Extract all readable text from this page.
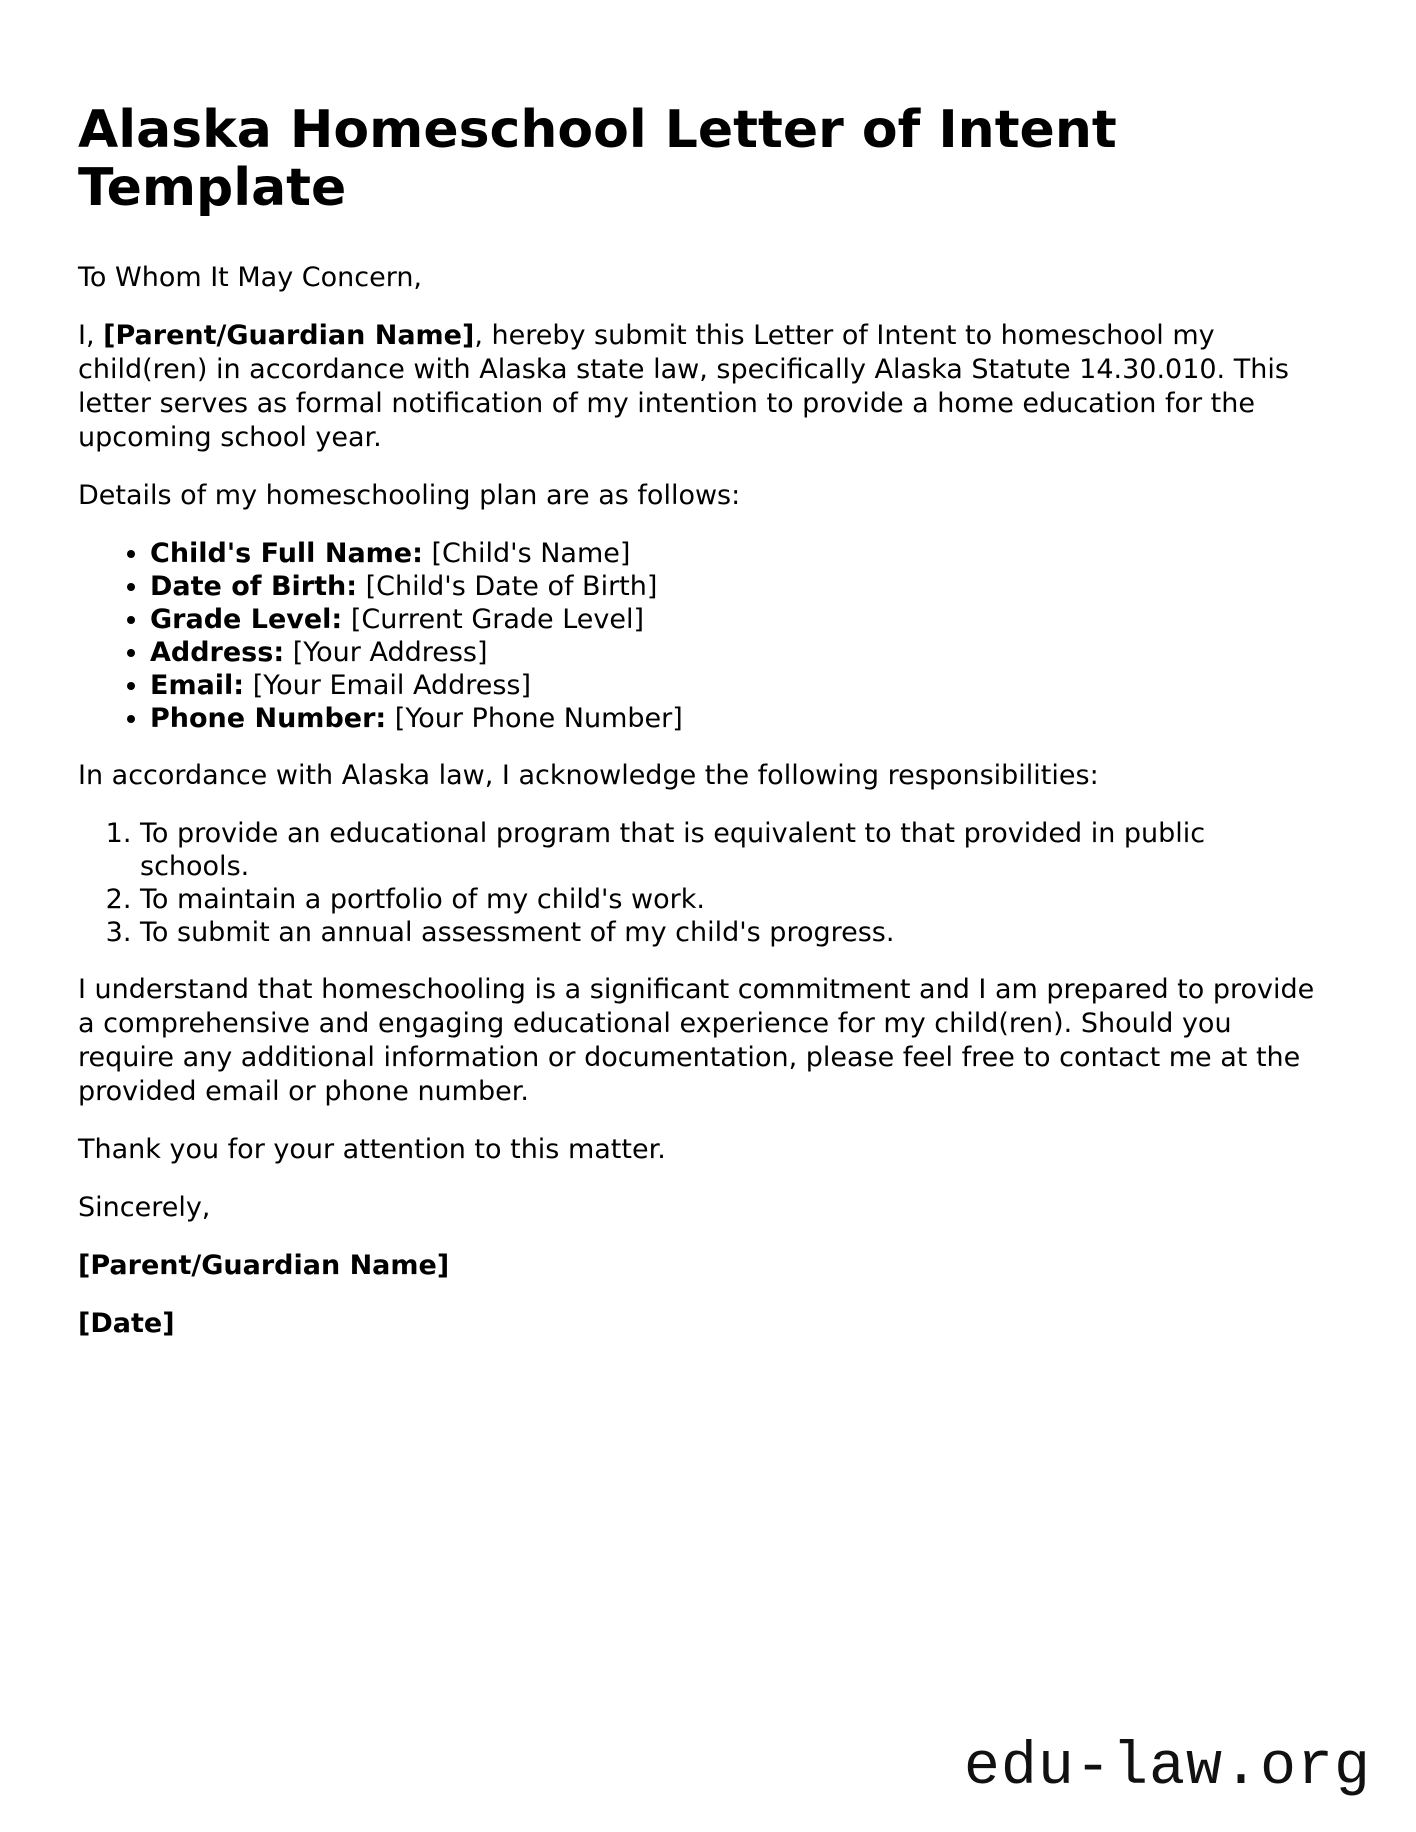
Alaska Homeschool Letter of Intent Template

To Whom It May Concern,

I, [Parent/Guardian Name], hereby submit this Letter of Intent to homeschool my child(ren) in accordance with Alaska state law, specifically Alaska Statute 14.30.010. This letter serves as formal notification of my intention to provide a home education for the upcoming school year.

Details of my homeschooling plan are as follows:

• Child's Full Name: [Child's Name]
• Date of Birth: [Child's Date of Birth]
• Grade Level: [Current Grade Level]
• Address: [Your Address]
• Email: [Your Email Address]
• Phone Number: [Your Phone Number]

In accordance with Alaska law, I acknowledge the following responsibilities:

1. To provide an educational program that is equivalent to that provided in public schools.
2. To maintain a portfolio of my child's work.
3. To submit an annual assessment of my child's progress.

I understand that homeschooling is a significant commitment and I am prepared to provide a comprehensive and engaging educational experience for my child(ren). Should you require any additional information or documentation, please feel free to contact me at the provided email or phone number.

Thank you for your attention to this matter.

Sincerely,

[Parent/Guardian Name]

[Date]

edu-law.org
